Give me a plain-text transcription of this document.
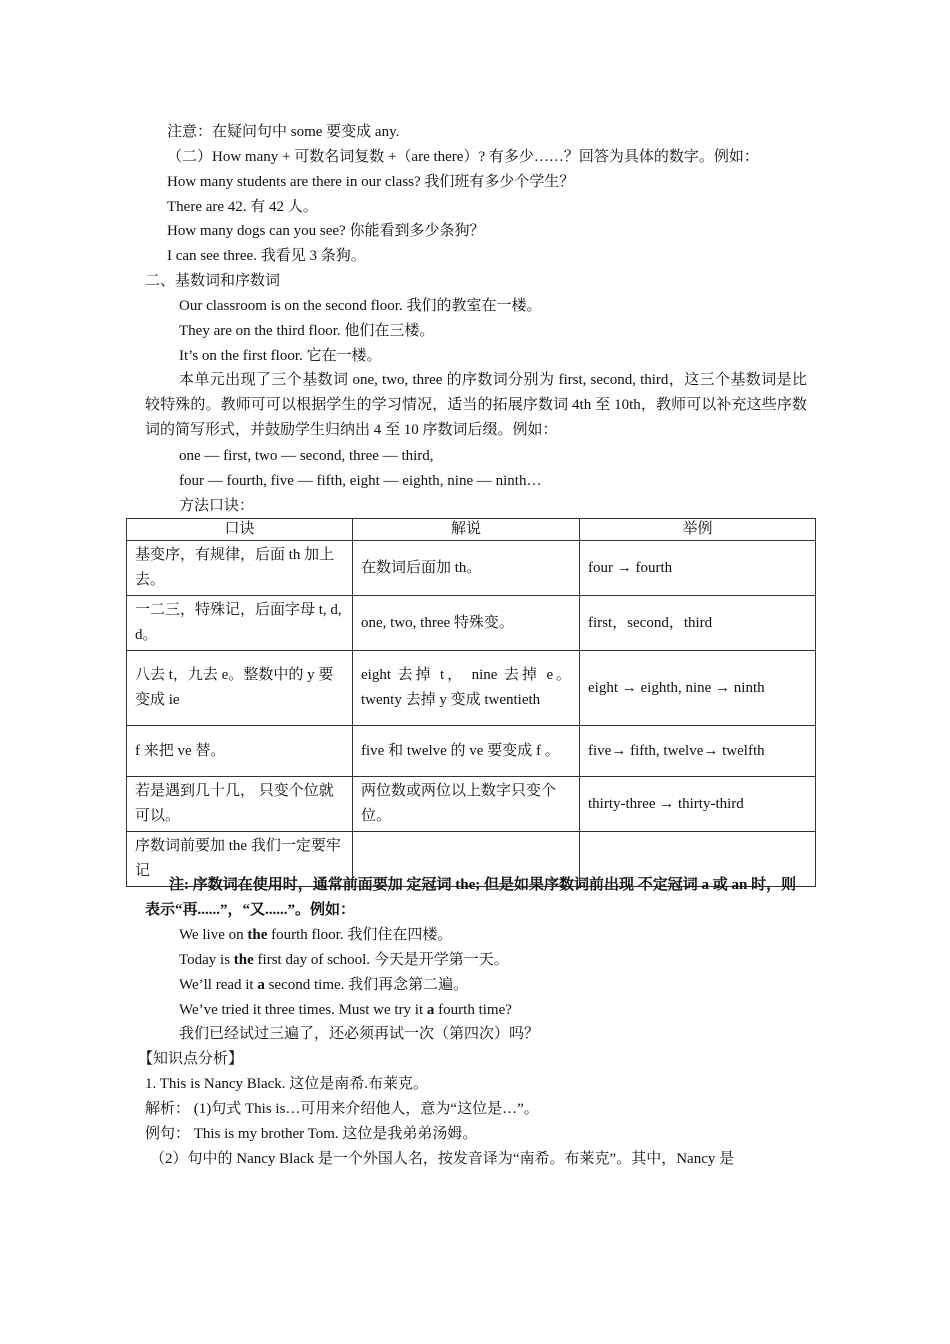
注意：在疑问句中 some 要变成 any.
（二）How many + 可数名词复数 +（are there）? 有多少……？回答为具体的数字。例如：
How many students are there in our class? 我们班有多少个学生？
There are 42. 有 42 人。
How many dogs can you see? 你能看到多少条狗？
I can see three. 我看见 3 条狗。
二、基数词和序数词
Our classroom is on the second floor. 我们的教室在一楼。
They are on the third floor. 他们在三楼。
It’s on the first floor. 它在一楼。
本单元出现了三个基数词 one, two, three 的序数词分别为 first, second, third，这三个基数词是比较特殊的。教师可可以根据学生的学习情况，适当的拓展序数词 4th 至 10th，教师可以补充这些序数词的简写形式，并鼓励学生归纳出 4 至 10 序数词后缀。例如：
one — first, two — second, three — third,
four — fourth, five — fifth, eight — eighth, nine — ninth…
方法口诀：
口诀	解说	举例
基变序，有规律，后面 th 加上去。	在数词后面加 th。	four → fourth
一二三，特殊记，后面字母 t, d, d。	one, two, three 特殊变。	first，second，third
八去 t，九去 e。整数中的 y 要变成 ie	eight 去掉 t， nine 去掉 e。 twenty 去掉 y 变成 twentieth	eight → eighth, nine → ninth
f 来把 ve 替。	five 和 twelve 的 ve 要变成 f 。	five→ fifth, twelve→ twelfth
若是遇到几十几， 只变个位就可以。	两位数或两位以上数字只变个位。	thirty-three → thirty-third
序数词前要加 the 我们一定要牢记		
注: 序数词在使用时，通常前面要加 定冠词 the; 但是如果序数词前出现 不定冠词 a 或 an 时，则表示“再......”，“又......”。例如：
We live on the fourth floor. 我们住在四楼。
Today is the first day of school. 今天是开学第一天。
We’ll read it a second time. 我们再念第二遍。
We’ve tried it three times. Must we try it a fourth time?
我们已经试过三遍了，还必须再试一次（第四次）吗？
【知识点分析】
1. This is Nancy Black. 这位是南希.布莱克。
解析： (1)句式 This is…可用来介绍他人，意为“这位是…”。
例句： This is my brother Tom. 这位是我弟弟汤姆。
（2）句中的 Nancy Black 是一个外国人名，按发音译为“南希。布莱克”。其中，Nancy 是
